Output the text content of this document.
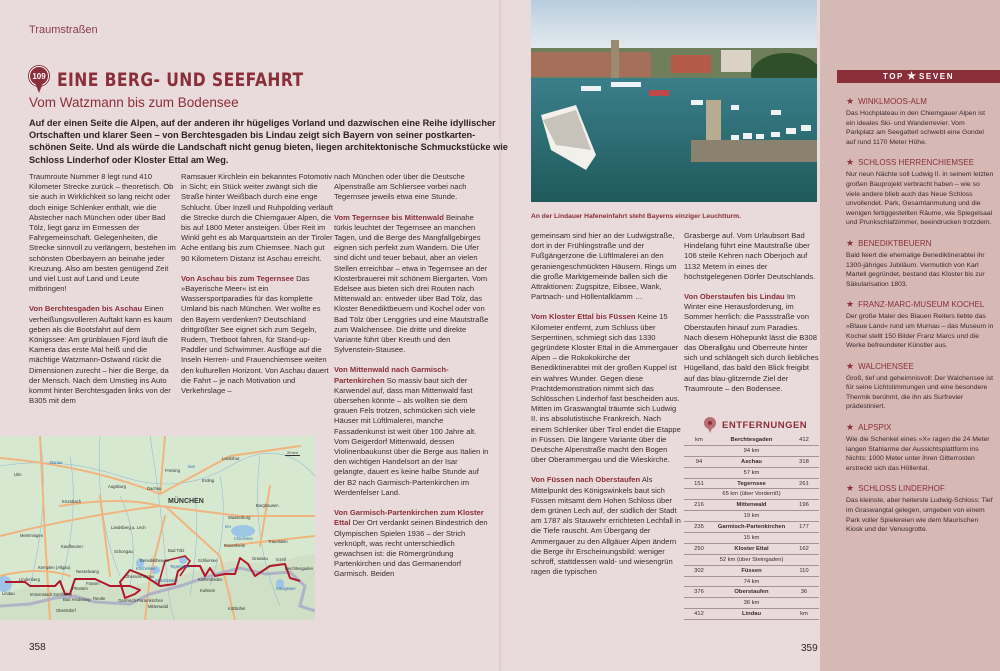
Traumstraßen
109 EINE BERG- UND SEEFAHRT
Vom Watzmann bis zum Bodensee
Auf der einen Seite die Alpen, auf der anderen ihr hügeliges Vorland und dazwischen eine Reihe idyllischer Ortschaften und klarer Seen – von Berchtesgaden bis Lindau zeigt sich Bayern von seiner postkartenschönen Seite. Und als würde die Landschaft nicht genug bieten, liegen architektonische Schmuckstücke wie Schloss Linderhof oder Kloster Ettal am Weg.

Traumroute Nummer 8 legt rund 410 Kilometer Strecke zurück – theoretisch. Ob sie auch in Wirklichkeit so lang reicht oder doch einige Schlenker enthält, wie die Abstecher nach München oder über Bad Tölz, liegt ganz im Ermessen der Fahrgemeinschaft. Gelegenheiten, die Strecke sinnvoll zu verlängern, bestehen im schönsten Oberbayern an beinahe jeder Kreuzung. Also am besten genügend Zeit und viel Lust auf Land und Leute mitbringen!

Von Berchtesgaden bis Aschau Einen verheißungsvolleren Auftakt kann es kaum geben als die Bootsfahrt auf dem Königssee: Am grünblauen Fjord läuft die Kamera das erste Mal heiß und die mächtige Watzmann-Ostwand rückt die Dimensionen zurecht – hier die Berge, da der Mensch. Nach dem Umstieg ins Auto kommt hinter Berchtesgaden links von der B305 mit dem

Ramsauer Kirchlein ein bekanntes Fotomotiv in Sicht; ein Stück weiter zwängt sich die Straße hinter Weißbach durch eine enge Schlucht. Über Inzell und Ruhpolding verläuft die Strecke durch die Chiemgauer Alpen, die bis auf 1800 Meter ansteigen. Über Reit im Winkl geht es ab Marquartstein an der Tiroler Ache entlang bis zum Chiemsee. Nach gut 90 Kilometern Distanz ist Aschau erreicht.

Von Aschau bis zum Tegernsee Das »Bayerische Meer« ist ein Wassersportparadies für das komplette Umland bis nach München. Wer wollte es den Bayern verdenken? Deutschland drittgrößter See eignet sich zum Segeln, Rudern, Tretboot fahren, für Stand-up-Paddler und Schwimmer. Ausflüge auf die Inseln Herren- und Frauenchiemsee weiten den kulturellen Horizont. Von Aschau dauert die Fahrt – je nach Motivation und Verkehrslage –

nach München oder über die Deutsche Alpenstraße am Schliersee vorbei nach Tegernsee jeweils etwa eine Stunde.

Vom Tegernsee bis Mittenwald Beinahe türkis leuchtet der Tegernsee an manchen Tagen, und die Berge des Mangfallgebirges eignen sich perfekt zum Wandern. Die Ufer sind dicht und teuer bebaut, aber an vielen Stellen erreichbar – etwa in Tegernsee an der Klosterbrauerei mit schönem Biergarten. Vom Edelsee aus bieten sich drei Routen nach Mittenwald an: entweder über Bad Tölz, das Kloster Benediktbeuern und Kochel oder von Bad Tölz über Lenggries und eine Mautstraße zum Walchensee. Die dritte und direkte Variante führt über Kreuth und den Sylvenstein-Stausee.

Von Mittenwald nach Garmisch-Partenkirchen So massiv baut sich der Karwendel auf, dass man Mittenwald fast übersehen könnte – als wollten sie dem grauen Fels trotzen, schmücken sich viele Häuser mit Lüftlmalerei, manche Fassadenkunst ist weit über 100 Jahre alt. Vom Geigerdorf Mittenwald, dessen Violinenbaukunst über die Berge aus Italien in den wichtigen Handelsort an der Isar gelangte, dauert es keine halbe Stunde auf der B2 nach Garmisch-Partenkirchen im Werdenfelser Land.

Von Garmisch-Partenkirchen zum Kloster Ettal Der Ort verdankt seinen Bindestrich den Olympischen Spielen 1936 – der Strich verknüpft, was recht unterschiedlich gewachsen ist: die Römergründung Partenkirchen und das Germanendorf Garmisch. Beiden

Ulm
Augsburg	Dachau
Freising
Landshut
Erding
MÜNCHEN
Krumbach
Memmingen
Landsberg a. Lech
Kaufbeuren
Schongau
Wasserburg
Burghausen
Rosenheim
Traunstein
Chiemsee
Bad Tölz
Kempten (Allgäu)
Lindenberg
Lindau	Immenstadt Sonthofen
Nesselwang
Füssen
Pfronten
Reutte
Oberammergau
Benediktbeuern
Kochelsee
Walchensee
Tegernsee
Schliersee
Garmisch-Partenkirchen
Mittenwald
Kiefersfelden
Kufstein
Grassau Inzell
Berchtesgaden
Königssee
Bad Hindelang
Oberstdorf	Kitzbühel
Donau
Isar
Inn
20 km
358
An der Lindauer Hafeneinfahrt steht Bayerns einziger Leuchtturm.

gemeinsam sind hier an der Ludwigstraße, dort in der Frühlingstraße und der Fußgängerzone die Lüftlmalerei an den geraniengeschmückten Häusern. Rings um die große Marktgemeinde ballen sich die Attraktionen: Zugspitze, Eibsee, Wank, Partnach- und Höllentalklamm …

Vom Kloster Ettal bis Füssen Keine 15 Kilometer entfernt, zum Schluss über Serpentinen, schmiegt sich das 1330 gegründete Kloster Ettal in die Ammergauer Alpen – die Rokokokirche der Benediktinerabtei mit der großen Kuppel ist ein wahres Wunder. Gegen diese Prachtdemonstration nimmt sich das Schlösschen Linderhof fast bescheiden aus. Mitten im Graswangtal träumte sich Ludwig II. ins absolutistische Frankreich. Nach einem Schlenker über Tirol endet die Etappe in Füssen. Die längere Variante über die Deutsche Alpenstraße macht den Bogen über Oberammergau und die Wieskirche.

Von Füssen nach Oberstaufen Als Mittelpunkt des Königswinkels baut sich Füssen mitsamt dem Hohen Schloss über dem grünen Lech auf, der südlich der Stadt am 1787 als Stauwehr errichteten Lechfall in die Tiefe rauscht. Am Übergang der Ammergauer zu den Allgäuer Alpen ändern die Berge ihr Erscheinungsbild: weniger schroff, stattdessen wald- und wiesengrün ragen die typischen

Grasberge auf. Vom Urlaubsort Bad Hindelang führt eine Mautstraße über 106 steile Kehren nach Oberjoch auf 1132 Metern in eines der höchstgelegenen Dörfer Deutschlands.

Von Oberstaufen bis Lindau Im Winter eine Herausforderung, im Sommer herrlich: die Passstraße von Oberstaufen hinauf zum Paradies. Nach diesem Höhepunkt lässt die B308 das Oberallgäu und Oberreute hinter sich und schlängelt sich durch liebliches Hügelland, das bald den Blick freigibt auf das blau-glitzernde Ziel der Traumroute – den Bodensee.

ENTFERNUNGEN
km	Berchtesgaden	412
94 km
94	Aschau	318
57 km
151	Tegernsee	261
65 km (über Vorderriß)
216	Mittenwald	196
19 km
235	Garmisch-Partenkirchen	177
15 km
250	Kloster Ettal	162
52 km (über Steingaden)
302	Füssen	110
74 km
376	Oberstaufen	36
36 km
412	Lindau	km
359
TOP ★ SEVEN
★ WINKLMOOS-ALM
Das Hochplateau in den Chiemgauer Alpen ist ein ideales Ski- und Wanderrevier. Vom Parkplatz am Seegatterl schwebt eine Gondel auf rund 1170 Meter Höhe.
★ SCHLOSS HERRENCHIEMSEE
Nur neun Nächte soll Ludwig II. in seinem letzten großen Bauprojekt verbracht haben – wie so viele andere blieb auch das Neue Schloss unvollendet. Park, Gesamtanmutung und die wenigen fertiggestellten Räume, wie Spiegelsaal und Prunkschlafzimmer, beeindrucken trotzdem.
★ BENEDIKTBEUERN
Bald feiert die ehemalige Benediktinerabtei ihr 1300-jähriges Jubiläum. Vermutlich von Karl Martell gegründet, bestand das Kloster bis zur Säkularisation 1803.
★ FRANZ-MARC-MUSEUM KOCHEL
Der große Maler des Blauen Reiters liebte das »Blaue Land« rund um Murnau – das Museum in Kochel stellt 150 Bilder Franz Marcs und die Werke befreundeter Künstler aus.
★ WALCHENSEE
Groß, tief und geheimnisvoll: Der Walchensee ist für seine Lichtstimmungen und eine besondere Thermik berühmt, die ihn als Surfrevier prädestiniert.
★ ALPSPIX
Wie die Schenkel eines »X« ragen die 24 Meter langen Stahlarme der Aussichtsplattform ins Nichts: 1000 Meter unter ihren Gitterrosten erstreckt sich das Höllental.
★ SCHLOSS LINDERHOF
Das kleinste, aber heiterste Ludwig-Schloss: Tief im Graswangtal gelegen, umgeben von einem Park voller Spielereien wie dem Maurischen Kiosk und der Venusgrotte.
